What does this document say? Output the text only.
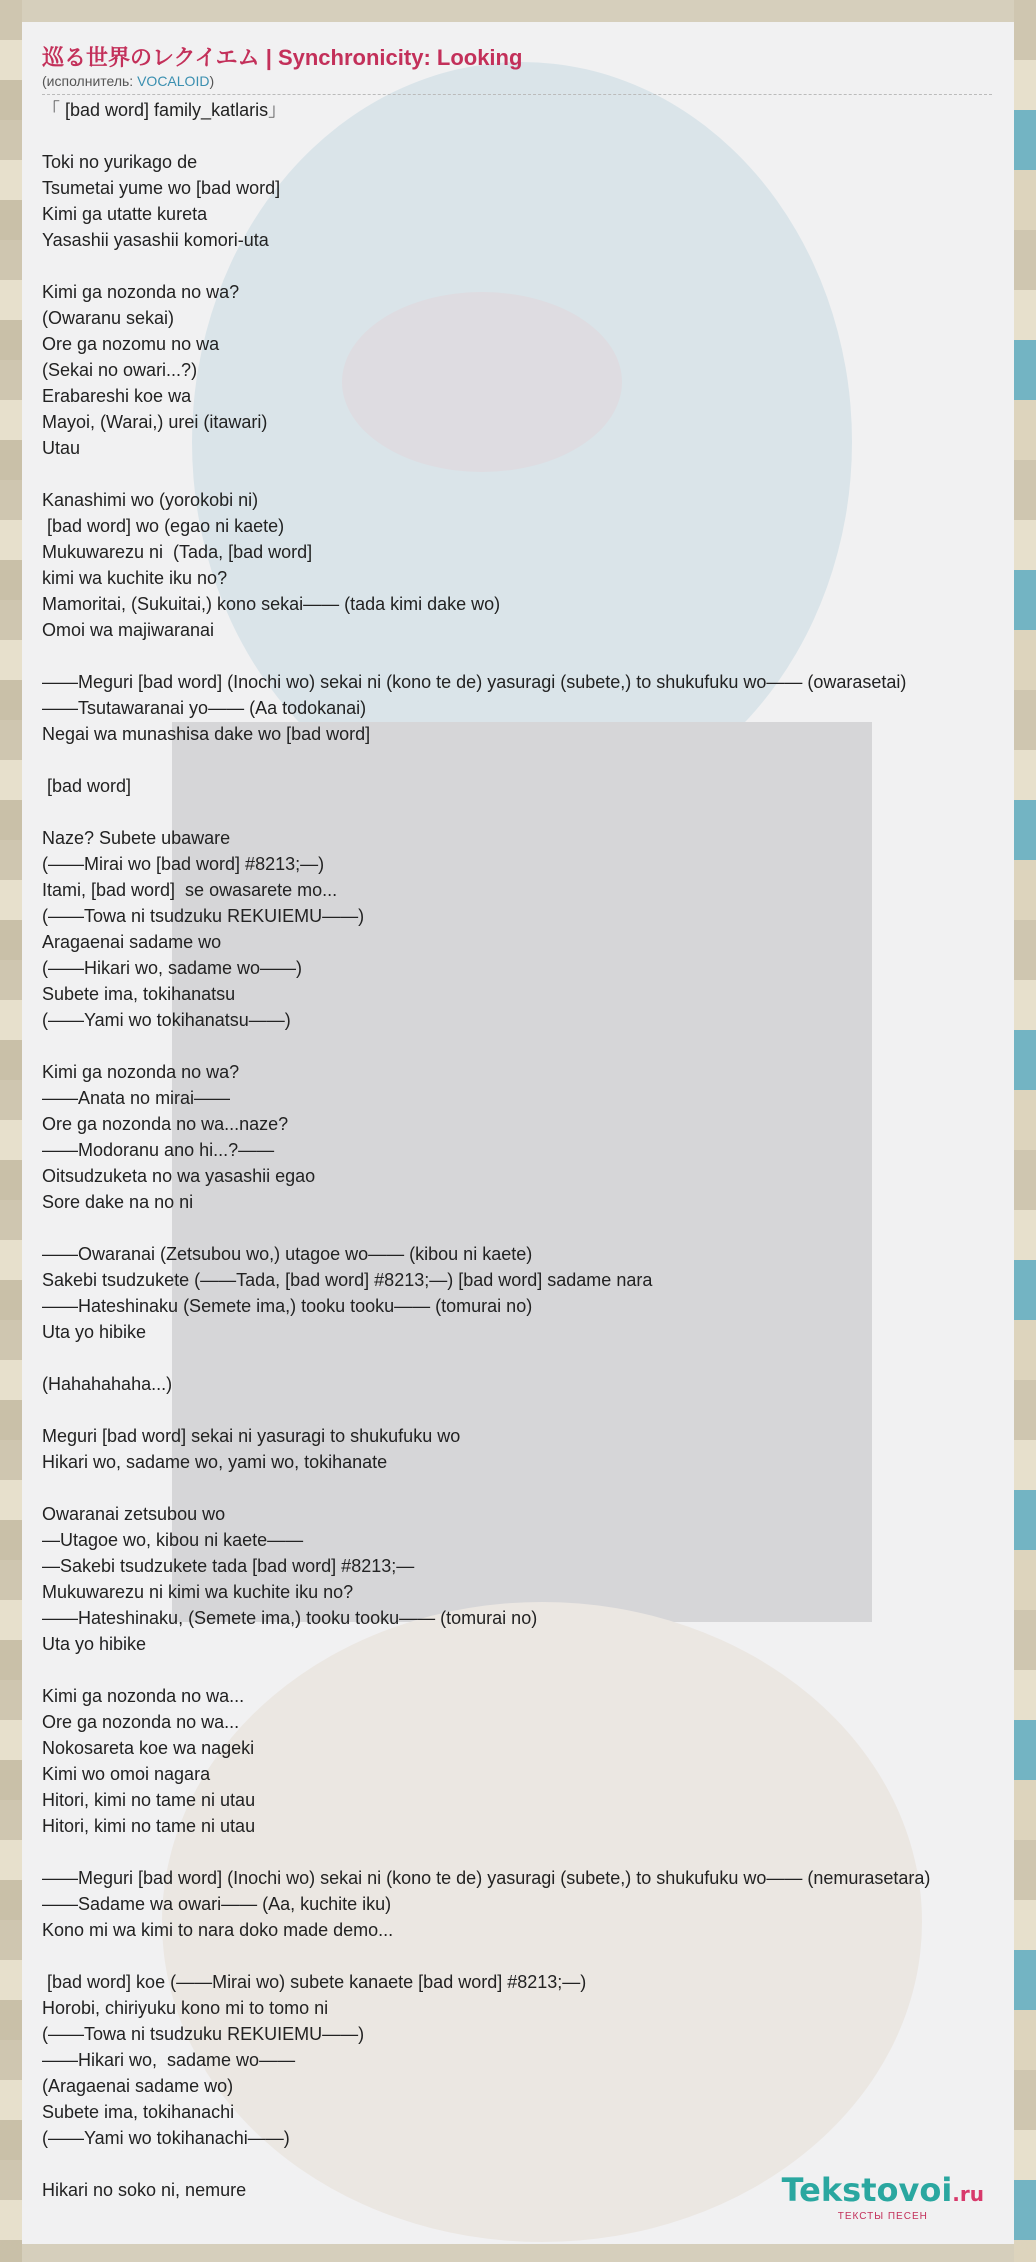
巡る世界のレクイエム | Synchronicity: Looking
(исполнитель: VOCALOID)
「 [bad word] family_katlaris」
Toki no yurikago de
Tsumetai yume wo [bad word]
Kimi ga utatte kureta
Yasashii yasashii komori-uta
Kimi ga nozonda no wa?
(Owaranu sekai)
Ore ga nozomu no wa
(Sekai no owari...?)
Erabareshi koe wa
Mayoi, (Warai,) urei (itawari)
Utau
Kanashimi wo (yorokobi ni)
[bad word] wo (egao ni kaete)
Mukuwarezu ni  (Tada, [bad word]
kimi wa kuchite iku no?
Mamoritai, (Sukuitai,) kono sekai—— (tada kimi dake wo)
Omoi wa majiwaranai
——Meguri [bad word] (Inochi wo) sekai ni (kono te de) yasuragi (subete,) to shukufuku wo—— (owarasetai)
——Tsutawaranai yo—— (Aa todokanai)
Negai wa munashisa dake wo [bad word]
[bad word]
Naze? Subete ubaware
(——Mirai wo [bad word] #8213;—)
Itami, [bad word]  se owasarete mo...
(——Towa ni tsudzuku REKUIEMU——)
Aragaenai sadame wo
(——Hikari wo, sadame wo——)
Subete ima, tokihanatsu
(——Yami wo tokihanatsu——)
Kimi ga nozonda no wa?
——Anata no mirai——
Ore ga nozonda no wa...naze?
——Modoranu ano hi...?——
Oitsudzuketa no wa yasashii egao
Sore dake na no ni
——Owaranai (Zetsubou wo,) utagoe wo—— (kibou ni kaete)
Sakebi tsudzukete (——Tada, [bad word] #8213;—) [bad word] sadame nara
——Hateshinaku (Semete ima,) tooku tooku—— (tomurai no)
Uta yo hibike
(Hahahahaha...)
Meguri [bad word] sekai ni yasuragi to shukufuku wo
Hikari wo, sadame wo, yami wo, tokihanate
Owaranai zetsubou wo
—Utagoe wo, kibou ni kaete——
—Sakebi tsudzukete tada [bad word] #8213;—
Mukuwarezu ni kimi wa kuchite iku no?
——Hateshinaku, (Semete ima,) tooku tooku—— (tomurai no)
Uta yo hibike
Kimi ga nozonda no wa...
Ore ga nozonda no wa...
Nokosareta koe wa nageki
Kimi wo omoi nagara
Hitori, kimi no tame ni utau
Hitori, kimi no tame ni utau
——Meguri [bad word] (Inochi wo) sekai ni (kono te de) yasuragi (subete,) to shukufuku wo—— (nemurasetara)
——Sadame wa owari—— (Aa, kuchite iku)
Kono mi wa kimi to nara doko made demo...
[bad word] koe (——Mirai wo) subete kanaete [bad word] #8213;—)
Horobi, chiriyuku kono mi to tomo ni
(——Towa ni tsudzuku REKUIEMU——)
——Hikari wo,  sadame wo——
(Aragaenai sadame wo)
Subete ima, tokihanachi
(——Yami wo tokihanachi——)
Hikari no soko ni, nemure	Tekstovoi.ru
ТЕКСТЫ ПЕСЕН
